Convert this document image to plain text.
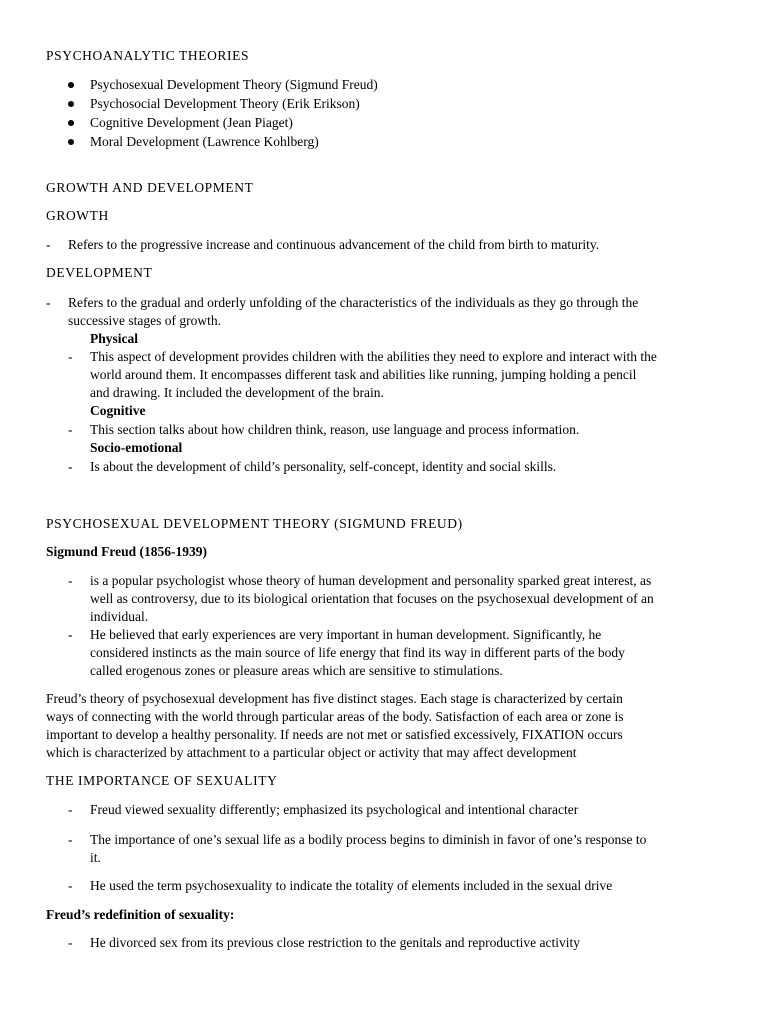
PSYCHOANALYTIC THEORIES
Psychosexual Development Theory (Sigmund Freud)
Psychosocial Development Theory (Erik Erikson)
Cognitive Development (Jean Piaget)
Moral Development (Lawrence Kohlberg)
GROWTH AND DEVELOPMENT
GROWTH
- Refers to the progressive increase and continuous advancement of the child from birth to maturity.
DEVELOPMENT
- Refers to the gradual and orderly unfolding of the characteristics of the individuals as they go through the
successive stages of growth.
Physical
- This aspect of development provides children with the abilities they need to explore and interact with the
world around them. It encompasses different task and abilities like running, jumping holding a pencil
and drawing. It included the development of the brain.
Cognitive
- This section talks about how children think, reason, use language and process information.
Socio-emotional
- Is about the development of child’s personality, self-concept, identity and social skills.
PSYCHOSEXUAL DEVELOPMENT THEORY (SIGMUND FREUD)
Sigmund Freud (1856-1939)
- is a popular psychologist whose theory of human development and personality sparked great interest, as
well as controversy, due to its biological orientation that focuses on the psychosexual development of an
individual.
- He believed that early experiences are very important in human development. Significantly, he
considered instincts as the main source of life energy that find its way in different parts of the body
called erogenous zones or pleasure areas which are sensitive to stimulations.
Freud’s theory of psychosexual development has five distinct stages. Each stage is characterized by certain
ways of connecting with the world through particular areas of the body. Satisfaction of each area or zone is
important to develop a healthy personality. If needs are not met or satisfied excessively, FIXATION occurs
which is characterized by attachment to a particular object or activity that may affect development
THE IMPORTANCE OF SEXUALITY
- Freud viewed sexuality differently; emphasized its psychological and intentional character
- The importance of one’s sexual life as a bodily process begins to diminish in favor of one’s response to
it.
- He used the term psychosexuality to indicate the totality of elements included in the sexual drive
Freud’s redefinition of sexuality:
- He divorced sex from its previous close restriction to the genitals and reproductive activity
